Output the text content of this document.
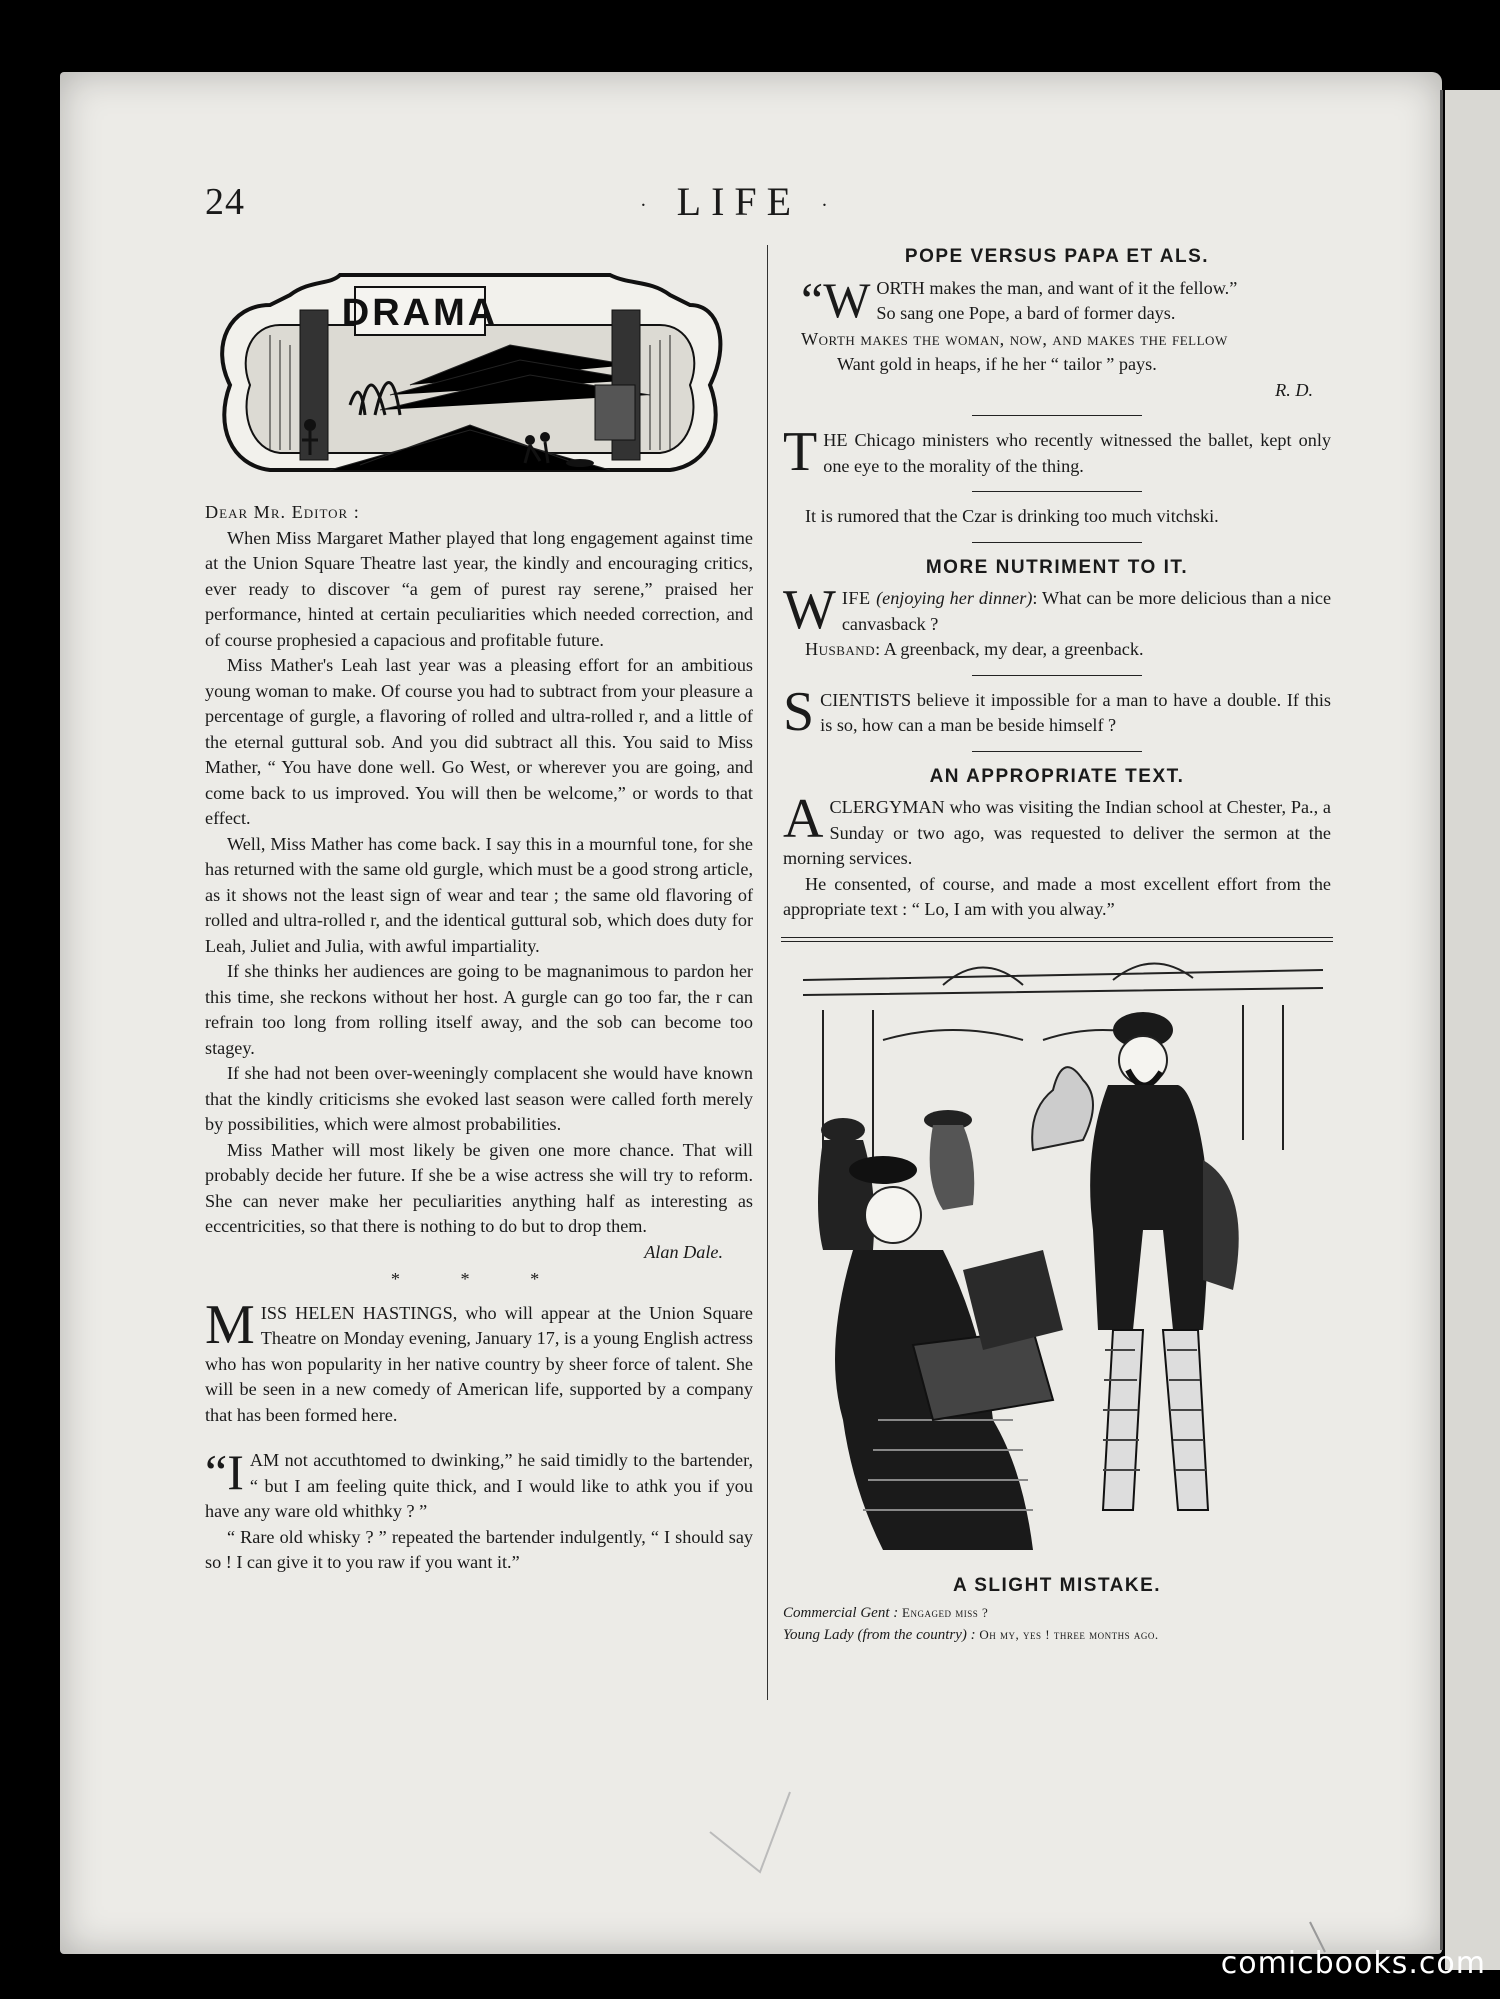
24	· LIFE ·
DRAMA

Dear Mr. Editor :

When Miss Margaret Mather played that long engagement against time at the Union Square Theatre last year, the kindly and encouraging critics, ever ready to discover “a gem of purest ray serene,” praised her performance, hinted at certain peculiarities which needed correction, and of course prophesied a capacious and profitable future.

Miss Mather's Leah last year was a pleasing effort for an ambitious young woman to make. Of course you had to subtract from your pleasure a percentage of gurgle, a flavoring of rolled and ultra-rolled r, and a little of the eternal guttural sob. And you did subtract all this. You said to Miss Mather, “ You have done well. Go West, or wherever you are going, and come back to us improved. You will then be welcome,” or words to that effect.

Well, Miss Mather has come back. I say this in a mournful tone, for she has returned with the same old gurgle, which must be a good strong article, as it shows not the least sign of wear and tear ; the same old flavoring of rolled and ultra-rolled r, and the identical guttural sob, which does duty for Leah, Juliet and Julia, with awful impartiality.

If she thinks her audiences are going to be magnanimous to pardon her this time, she reckons without her host. A gurgle can go too far, the r can refrain too long from rolling itself away, and the sob can become too stagey.

If she had not been over-weeningly complacent she would have known that the kindly criticisms she evoked last season were called forth merely by possibilities, which were almost probabilities.

Miss Mather will most likely be given one more chance. That will probably decide her future. If she be a wise actress she will try to reform. She can never make her peculiarities anything half as interesting as eccentricities, so that there is nothing to do but to drop them.

Alan Dale.

* * *

M ISS HELEN HASTINGS, who will appear at the Union Square Theatre on Monday evening, January 17, is a young English actress who has won popularity in her native country by sheer force of talent. She will be seen in a new comedy of American life, supported by a company that has been formed here.

“I AM not accuthtomed to dwinking,” he said timidly to the bartender, “ but I am feeling quite thick, and I would like to athk you if you have any ware old whithky ? ”

“ Rare old whisky ? ” repeated the bartender indulgently, “ I should say so ! I can give it to you raw if you want it.”

POPE VERSUS PAPA ET ALS.
“W ORTH makes the man, and want of it the fellow.”
So sang one Pope, a bard of former days.
Worth makes the woman, now, and makes the fellow
Want gold in heaps, if he her “ tailor ” pays.
R. D.

T HE Chicago ministers who recently witnessed the ballet, kept only one eye to the morality of the thing.

It is rumored that the Czar is drinking too much vitchski.

MORE NUTRIMENT TO IT.

W IFE (enjoying her dinner): What can be more delicious than a nice canvasback ?

Husband: A greenback, my dear, a greenback.

S CIENTISTS believe it impossible for a man to have a double. If this is so, how can a man be beside himself ?

AN APPROPRIATE TEXT.

A CLERGYMAN who was visiting the Indian school at Chester, Pa., a Sunday or two ago, was requested to deliver the sermon at the morning services.

He consented, of course, and made a most excellent effort from the appropriate text : “ Lo, I am with you alway.”

A SLIGHT MISTAKE.
Commercial Gent : Engaged miss ?
Young Lady (from the country) : Oh my, yes ! three months ago.
comicbooks.com
